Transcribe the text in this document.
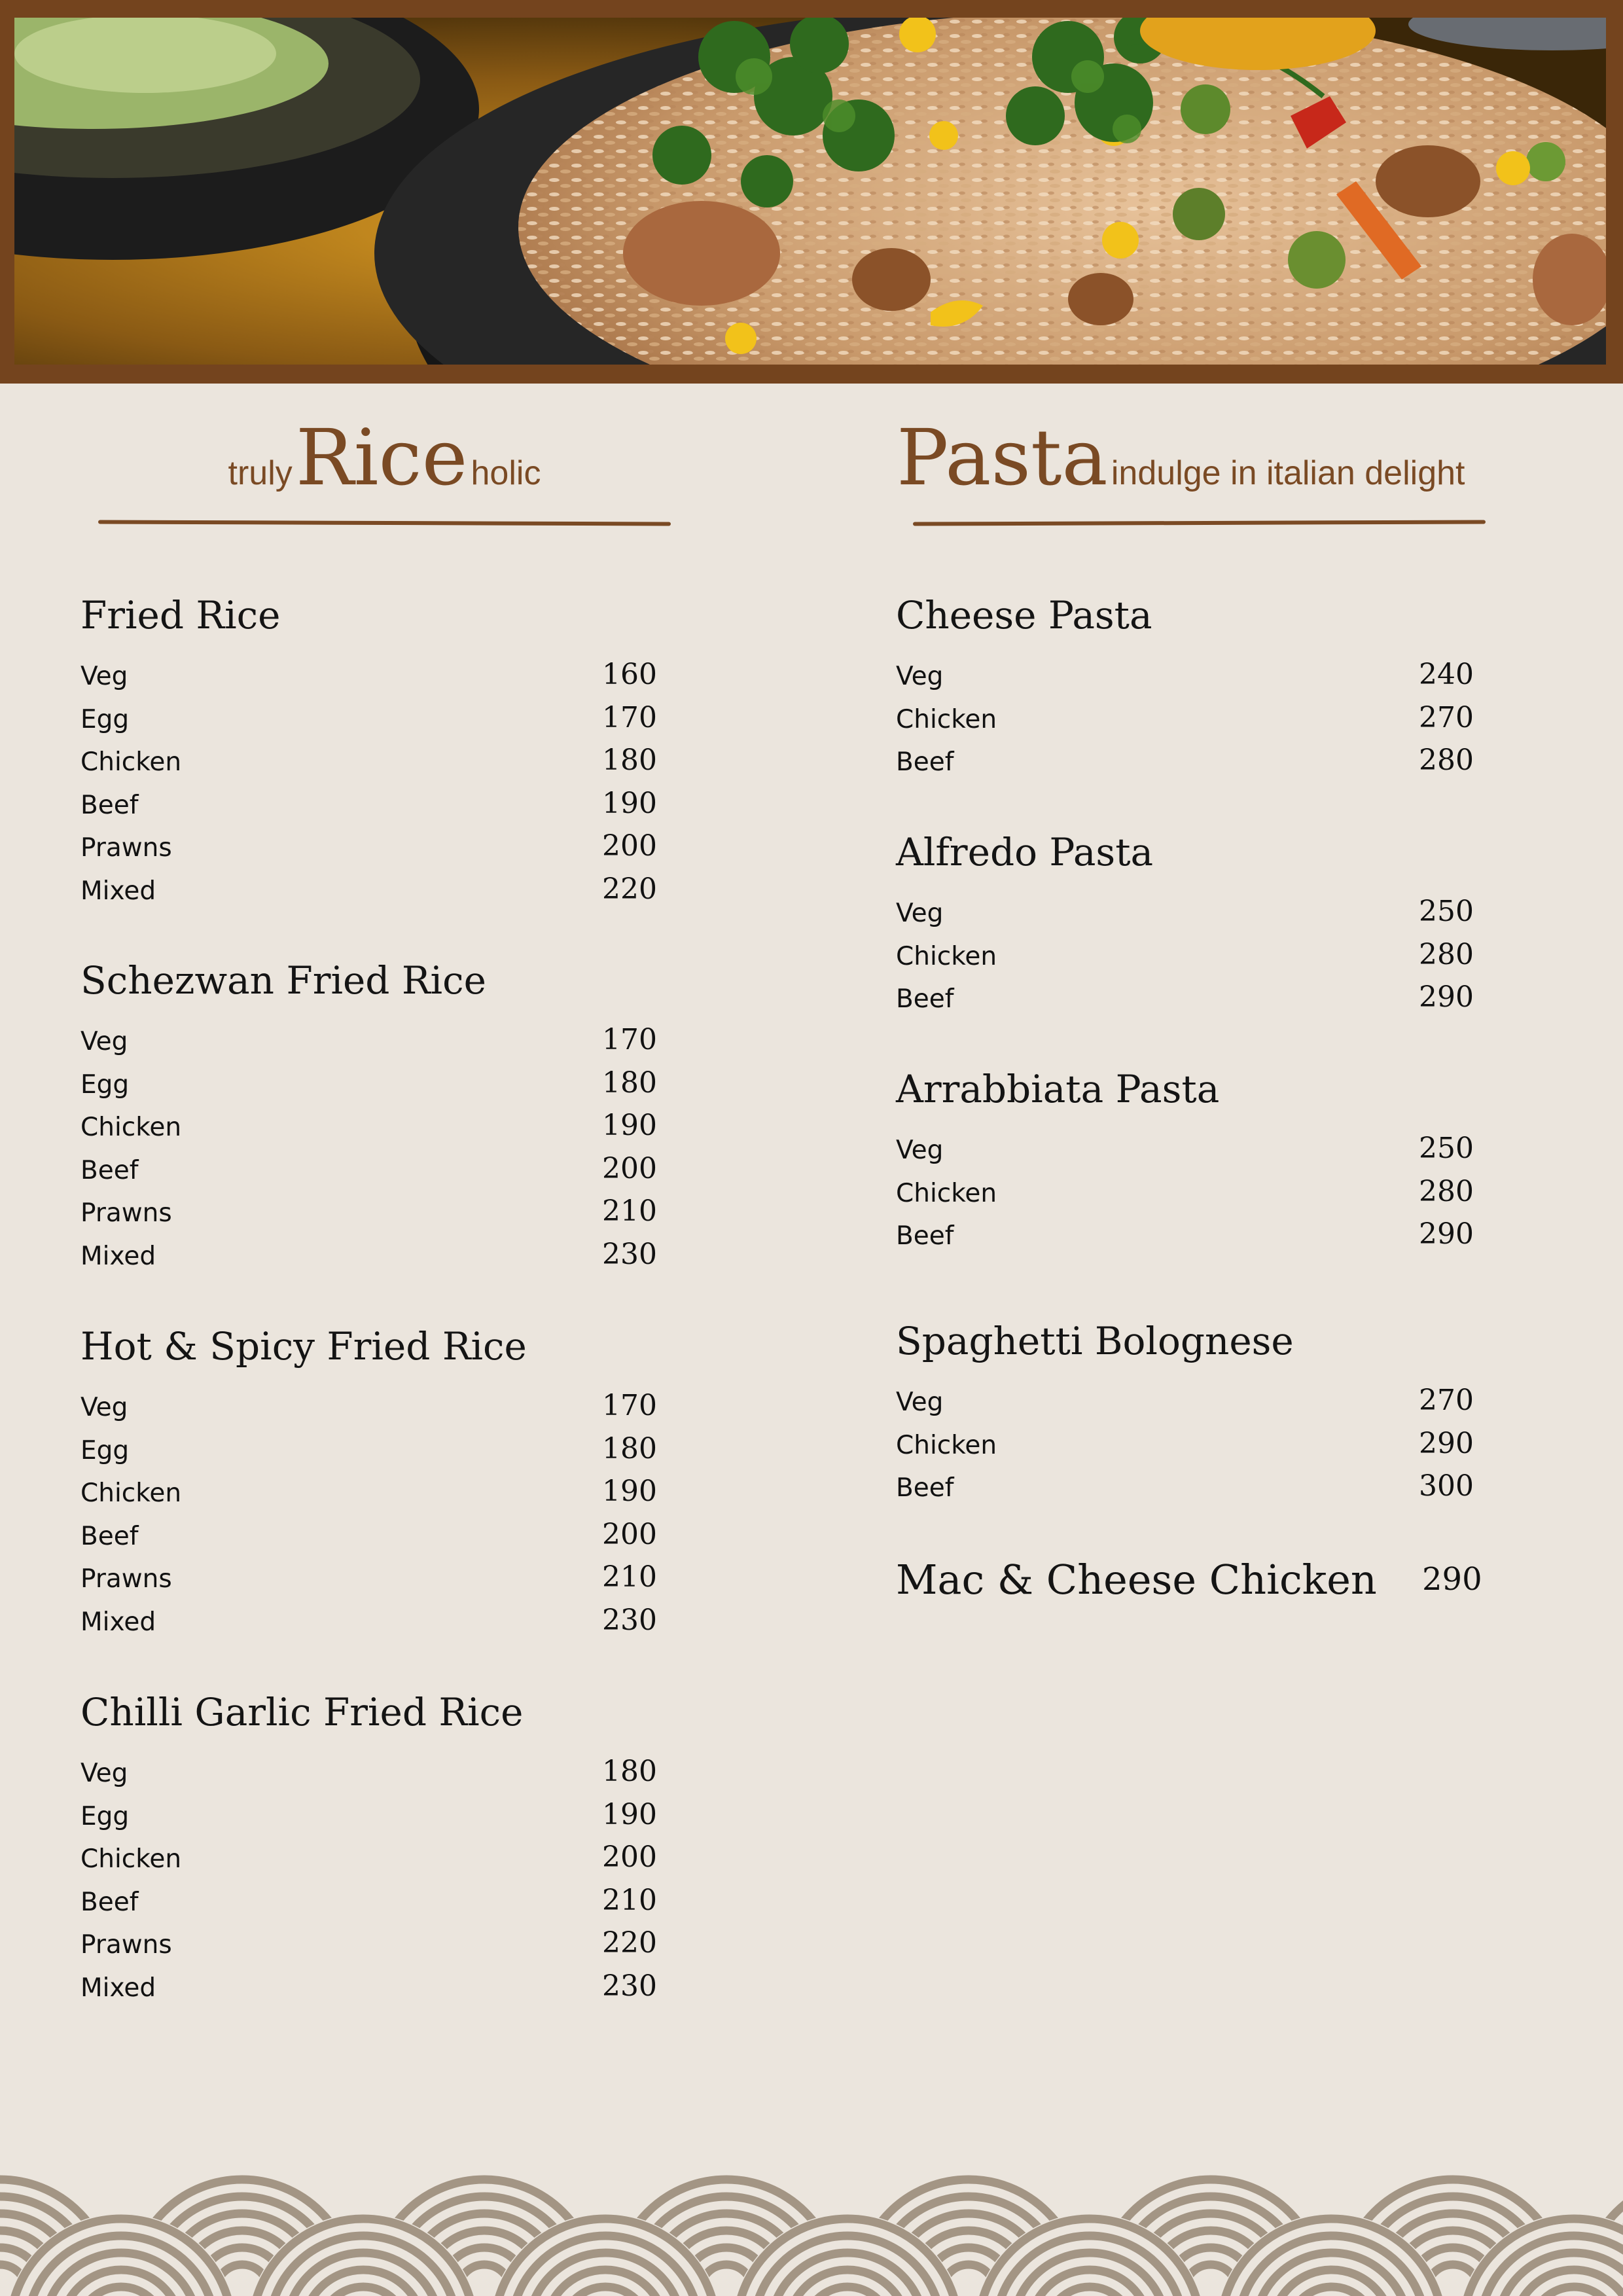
truly Rice holic	Pasta indulge in italian delight
Fried Rice
Veg	160
Egg	170
Chicken	180
Beef	190
Prawns	200
Mixed	220
Schezwan Fried Rice
Veg	170
Egg	180
Chicken	190
Beef	200
Prawns	210
Mixed	230
Hot & Spicy Fried Rice
Veg	170
Egg	180
Chicken	190
Beef	200
Prawns	210
Mixed	230
Chilli Garlic Fried Rice
Veg	180
Egg	190
Chicken	200
Beef	210
Prawns	220
Mixed	230
Cheese Pasta
Veg	240
Chicken	270
Beef	280
Alfredo Pasta
Veg	250
Chicken	280
Beef	290
Arrabbiata Pasta
Veg	250
Chicken	280
Beef	290
Spaghetti Bolognese
Veg	270
Chicken	290
Beef	300
Mac & Cheese Chicken 290
